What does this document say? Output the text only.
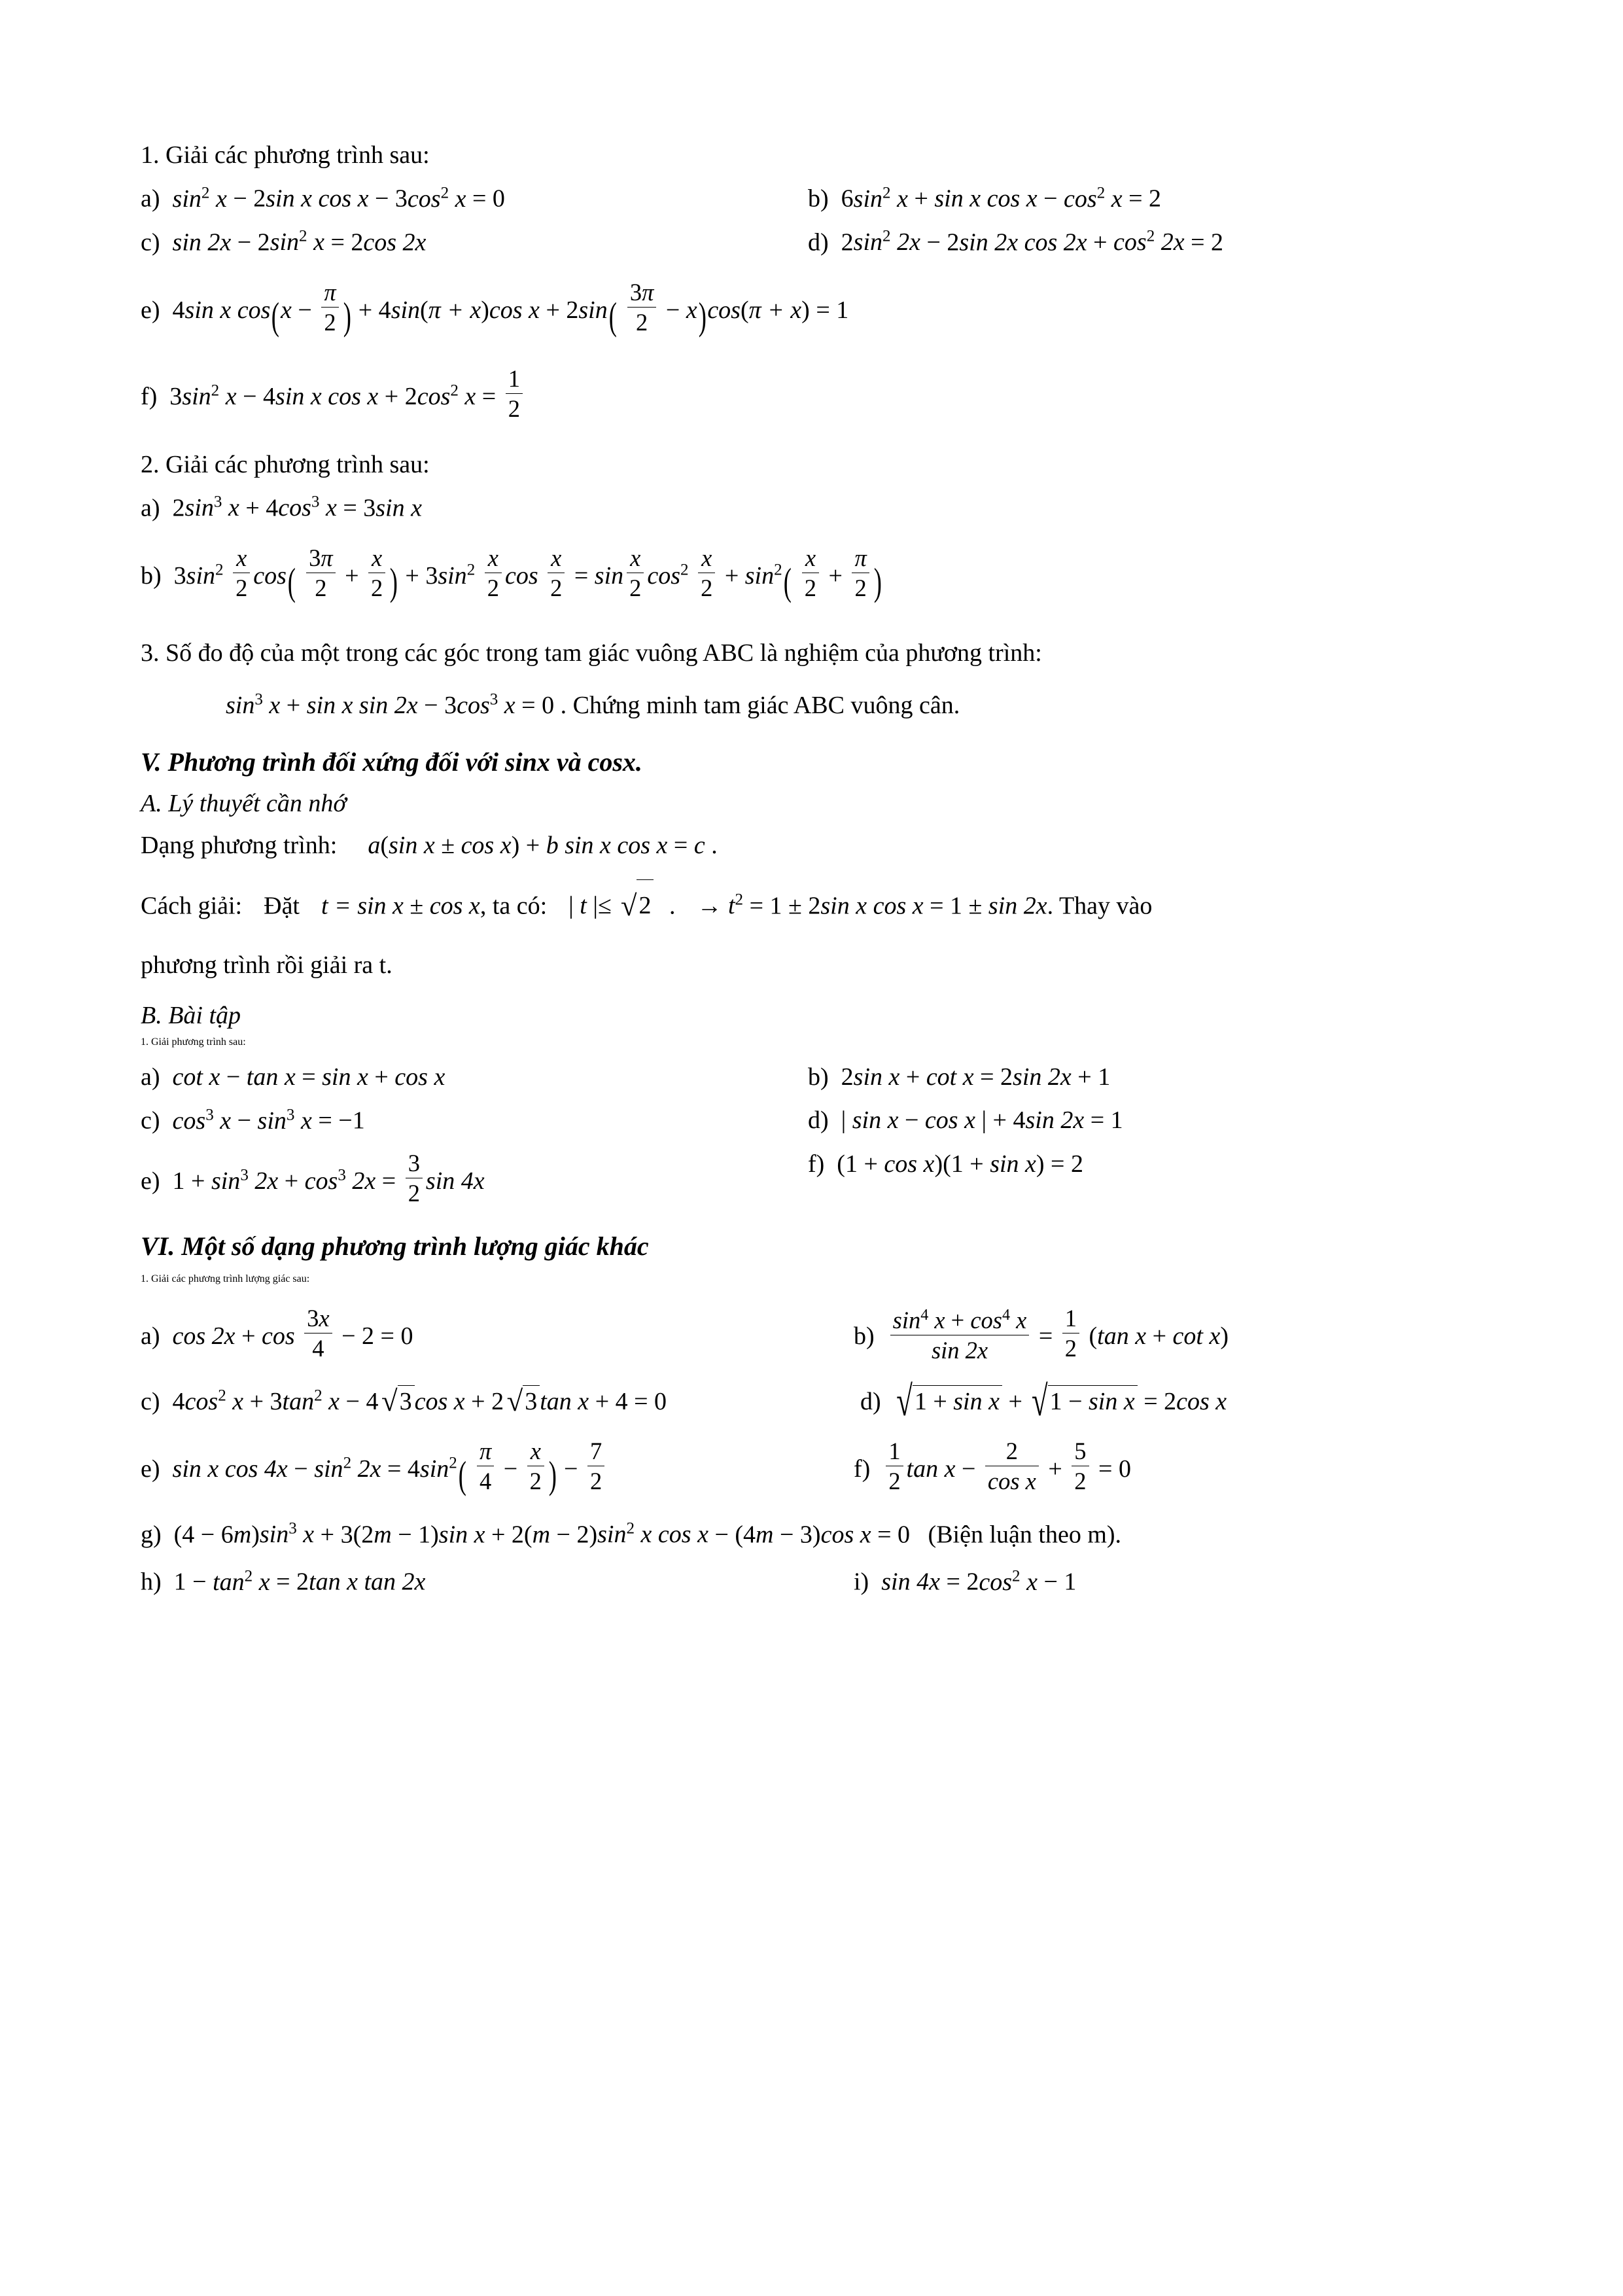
1. Giải các phương trình sau:
a)  $\sin^2 x - 2\sin$ x $\cos x - 3\cos^2$ x = 0	b)  $6\sin^2$ x + sin x $\cos x - \cos^2 x = 2$
c)  $\sin 2x - 2\sin^2$ x = 2cos 2x	d)  $2\sin^2$ 2x − 2sin 2x $\cos 2x + \cos^2 2x = 2$
e)  4sin x $\cos(x - \frac{\pi}{2}$ ) + 4sin(π + x)cos $x + 2\sin( \frac{3\pi}{2} - x)\cos(\pi + x) = 1$
f)  $3\sin^2$ x − 4sin x $\cos x + 2\cos^2$ $x = \frac{1}{2}$
2. Giải các phương trình sau:
a)  $2\sin^3$ $x + 4\cos^3$ x = 3sin x
b)  $3\sin^2 \frac{x}{2} \cos( \frac{3\pi}{2} + \frac{x}{2}$ ) + $3\sin^2 \frac{x}{2}$ $\cos \frac{x}{2} = \sin \frac{x}{2} \cos^2 \frac{x}{2} + \sin^2( \frac{x}{2} + \frac{\pi}{2}$ )
3. Số đo độ của một trong các góc trong tam giác vuông ABC là nghiệm của phương trình:
$\sin^3 x + \sin x$ $\sin 2x - 3\cos^3$ x = 0 . Chứng minh tam giác ABC vuông cân.
V. Phương trình đối xứng đối với sinx và cosx.
A. Lý thuyết cần nhớ
Dạng phương trình: a(sin x ± cos x) + b sin x cos x = c .
Cách giải: Đặt t = sin x ± cos x, ta có: | t |≤ √2 . → $t^2 = 1 \pm 2\sin$ x cos x = 1 ± sin 2x. Thay vào
phương trình rồi giải ra t.
B. Bài tập
1. Giải phương trình sau:
a)  cot x − tan x = sin x + cos x	b)  2sin x + cot x = 2sin 2x + 1
c)  $\cos^3 x - \sin^3 x = -1$	d)  | sin x − cos x | + 4sin 2x = 1
e)  $1 + \sin^3 2x + \cos^3 2x = \frac{3}{2}$ sin 4x
f)  (1 + cos x)(1 + sin x) = 2
VI. Một số dạng phương trình lượng giác khác
1. Giải các phương trình lượng giác sau:
a)  $\cos 2x + \cos \frac{3x}{4} - 2 = 0$	$b) \frac{\sin^4 x + \cos^4 x}{\sin 2x} = \frac{1}{2} (\tan$ x + cot x)
c)  $4\cos^2$ $x + 3\tan^2$ x − 4 √3 cos x + 2 √3 tan x + 4 = 0	d)  √1 + sin x + √1 − sin x = 2cos x
e)  sin x $\cos 4x - \sin^2 2x = 4\sin^2( \frac{\pi}{4} - \frac{x}{2}$ ) − $\frac{7}{2}$	$f) \frac{1}{2}$ $\tan x - \frac{2}{\text{cos x}} + \frac{5}{2} = 0$
g)  $(4 - 6m)\sin^3$ x + 3(2m − 1)sin $x + 2(m - 2)\sin^2$ x cos x − (4m − 3)cos x = 0  (Biện luận theo m).
h)  $1 - \tan^2 x = 2\tan$ x tan 2x	i)  $\sin 4x = 2\cos^2$ x − 1
